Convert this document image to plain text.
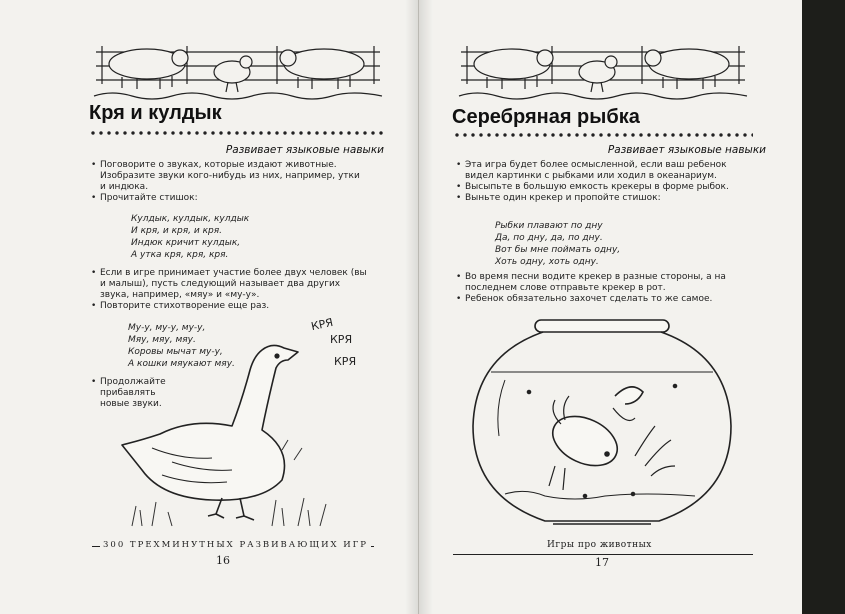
Кря и кулдык
Развивает языковые навыки
• Поговорите о звуках, которые издают животные. Изобразите звуки кого-нибудь из них, например, утки и индюка.
• Прочитайте стишок:
Кулдык, кулдык, кулдык
И кря, и кря, и кря.
Индюк кричит кулдык,
А утка кря, кря, кря.
• Если в игре принимает участие более двух человек (вы и малыш), пусть следующий называет два других звука, например, «мяу» и «му-у».
• Повторите стихотворение еще раз.
Му-у, му-у, му-у,
Мяу, мяу, мяу.
Коровы мычат му-у,
А кошки мяукают мяу.
• Продолжайте прибавлять новые звуки.
КРЯ
КРЯ
КРЯ
300 ТРЕХМИНУТНЫХ РАЗВИВАЮЩИХ ИГР
16
Серебряная рыбка
Развивает языковые навыки
• Эта игра будет более осмысленной, если ваш ребенок видел картинки с рыбками или ходил в океанариум.
• Высыпьте в большую емкость крекеры в форме рыбок.
• Выньте один крекер и пропойте стишок:
Рыбки плавают по дну
Да, по дну, да, по дну.
Вот бы мне поймать одну,
Хоть одну, хоть одну.
• Во время песни водите крекер в разные стороны, а на последнем слове отправьте крекер в рот.
• Ребенок обязательно захочет сделать то же самое.
Игры про животных
17
